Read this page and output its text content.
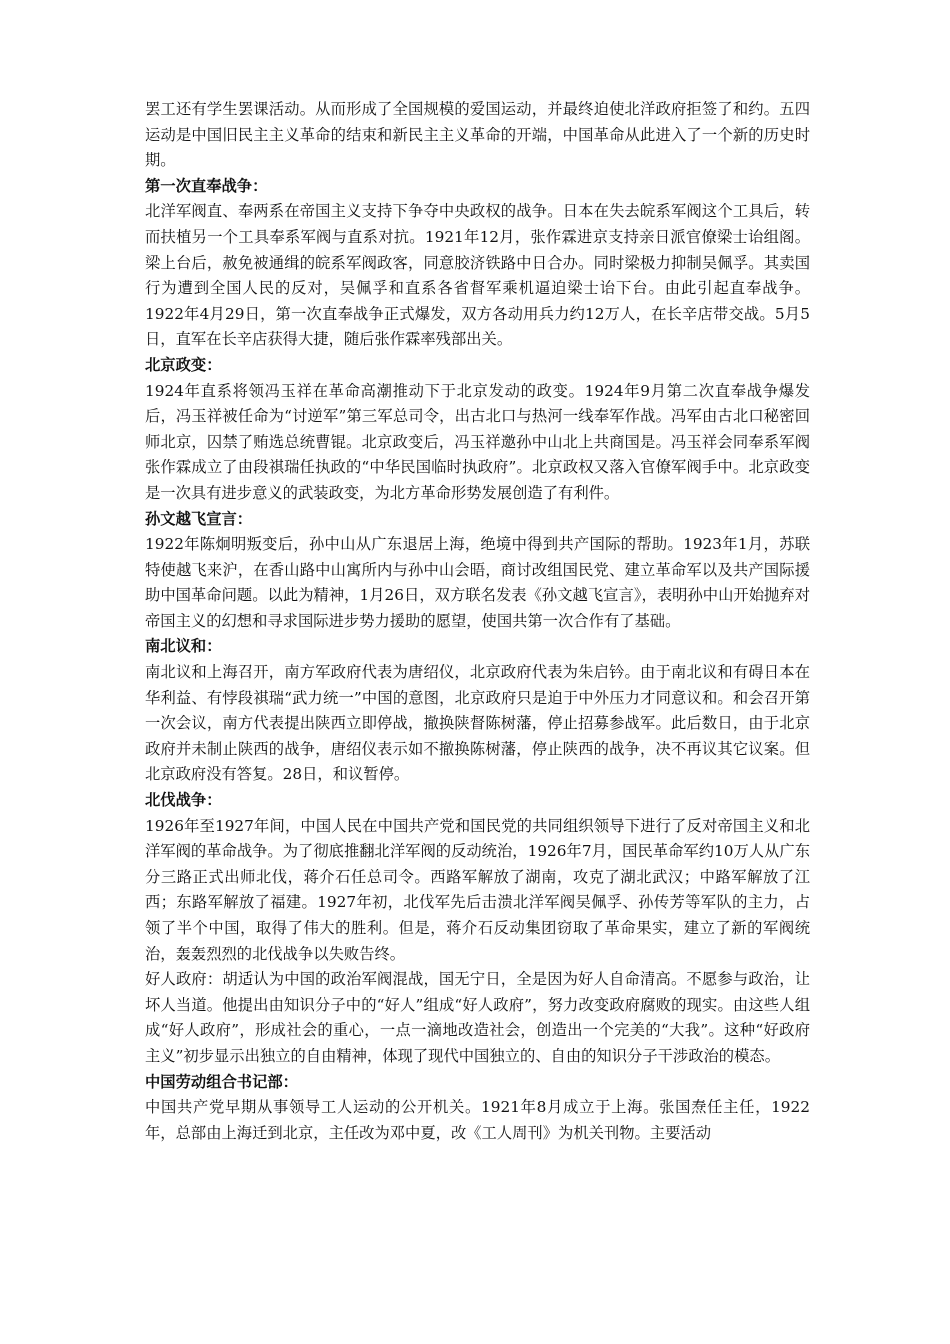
罢工还有学生罢课活动。从而形成了全国规模的爱国运动，并最终迫使北洋政府拒签了和约。五四运动是中国旧民主主义革命的结束和新民主主义革命的开端，中国革命从此进入了一个新的历史时期。

第一次直奉战争：

北洋军阀直、奉两系在帝国主义支持下争夺中央政权的战争。日本在失去皖系军阀这个工具后，转而扶植另一个工具奉系军阀与直系对抗。1921年12月，张作霖进京支持亲日派官僚梁士诒组阁。梁上台后，赦免被通缉的皖系军阀政客，同意胶济铁路中日合办。同时梁极力抑制吴佩孚。其卖国行为遭到全国人民的反对，吴佩孚和直系各省督军乘机逼迫梁士诒下台。由此引起直奉战争。1922年4月29日，第一次直奉战争正式爆发，双方各动用兵力约12万人，在长辛店带交战。5月5日，直军在长辛店获得大捷，随后张作霖率残部出关。

北京政变：

1924年直系将领冯玉祥在革命高潮推动下于北京发动的政变。1924年9月第二次直奉战争爆发后，冯玉祥被任命为“讨逆军”第三军总司令，出古北口与热河一线奉军作战。冯军由古北口秘密回师北京，囚禁了贿选总统曹锟。北京政变后，冯玉祥邀孙中山北上共商国是。冯玉祥会同奉系军阀张作霖成立了由段祺瑞任执政的“中华民国临时执政府”。北京政权又落入官僚军阀手中。北京政变是一次具有进步意义的武装政变，为北方革命形势发展创造了有利件。

孙文越飞宣言：

1922年陈炯明叛变后，孙中山从广东退居上海，绝境中得到共产国际的帮助。1923年1月，苏联特使越飞来沪，在香山路中山寓所内与孙中山会晤，商讨改组国民党、建立革命军以及共产国际援助中国革命问题。以此为精神，1月26日，双方联名发表《孙文越飞宣言》，表明孙中山开始抛弃对帝国主义的幻想和寻求国际进步势力援助的愿望，使国共第一次合作有了基础。

南北议和：

南北议和上海召开，南方军政府代表为唐绍仪，北京政府代表为朱启钤。由于南北议和有碍日本在华利益、有悖段祺瑞“武力统一”中国的意图，北京政府只是迫于中外压力才同意议和。和会召开第一次会议，南方代表提出陕西立即停战，撤换陕督陈树藩，停止招募参战军。此后数日，由于北京政府并未制止陕西的战争，唐绍仪表示如不撤换陈树藩，停止陕西的战争，决不再议其它议案。但北京政府没有答复。28日，和议暂停。

北伐战争：

1926年至1927年间，中国人民在中国共产党和国民党的共同组织领导下进行了反对帝国主义和北洋军阀的革命战争。为了彻底推翻北洋军阀的反动统治，1926年7月，国民革命军约10万人从广东分三路正式出师北伐，蒋介石任总司令。西路军解放了湖南，攻克了湖北武汉；中路军解放了江西；东路军解放了福建。1927年初，北伐军先后击溃北洋军阀吴佩孚、孙传芳等军队的主力，占领了半个中国，取得了伟大的胜利。但是，蒋介石反动集团窃取了革命果实，建立了新的军阀统治，轰轰烈烈的北伐战争以失败告终。

好人政府：胡适认为中国的政治军阀混战，国无宁日，全是因为好人自命清高。不愿参与政治，让坏人当道。他提出由知识分子中的“好人”组成“好人政府”，努力改变政府腐败的现实。由这些人组成“好人政府”，形成社会的重心，一点一滴地改造社会，创造出一个完美的“大我”。这种“好政府主义”初步显示出独立的自由精神，体现了现代中国独立的、自由的知识分子干涉政治的模态。

中国劳动组合书记部：

中国共产党早期从事领导工人运动的公开机关。1921年8月成立于上海。张国焘任主任，1922年，总部由上海迁到北京，主任改为邓中夏，改《工人周刊》为机关刊物。主要活动
